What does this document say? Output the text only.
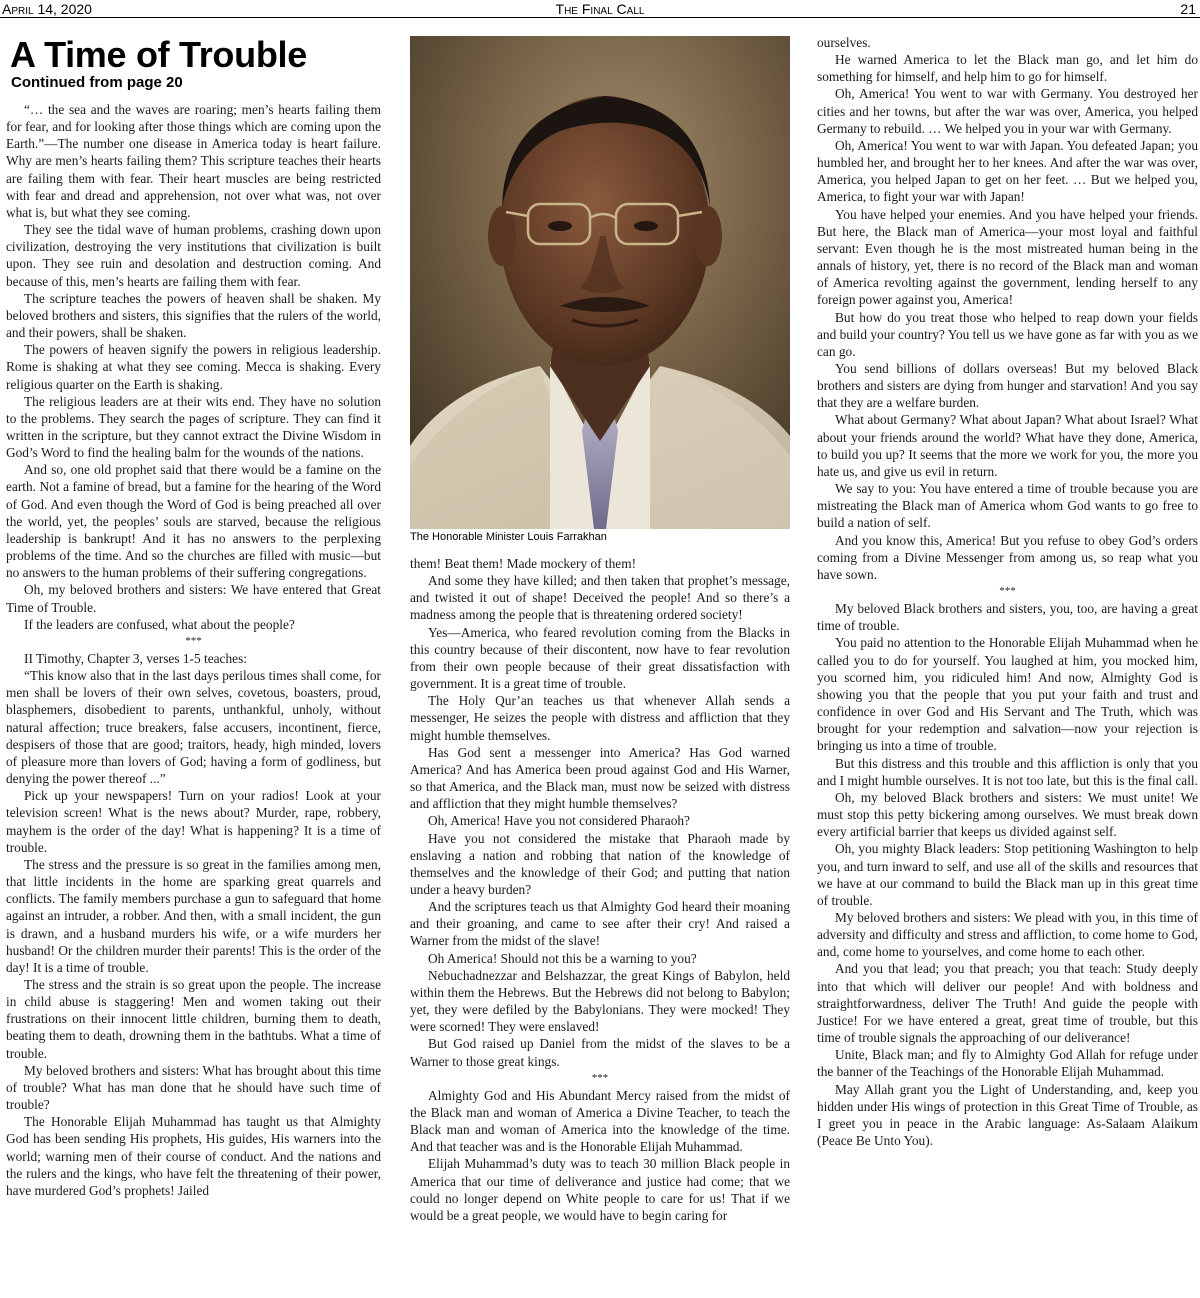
April 14, 2020	The Final Call	21
A Time of Trouble
Continued from page 20
“… the sea and the waves are roaring; men’s hearts failing them for fear, and for looking after those things which are coming upon the Earth.”—The number one disease in America today is heart failure. Why are men’s hearts failing them? This scripture teaches their hearts are failing them with fear. Their heart muscles are being restricted with fear and dread and apprehension, not over what was, not over what is, but what they see coming.
They see the tidal wave of human problems, crashing down upon civilization, destroying the very institutions that civilization is built upon. They see ruin and desolation and destruction coming. And because of this, men’s hearts are failing them with fear.
The scripture teaches the powers of heaven shall be shaken. My beloved brothers and sisters, this signifies that the rulers of the world, and their powers, shall be shaken.
The powers of heaven signify the powers in religious leadership. Rome is shaking at what they see coming. Mecca is shaking. Every religious quarter on the Earth is shaking.
The religious leaders are at their wits end. They have no solution to the problems. They search the pages of scripture. They can find it written in the scripture, but they cannot extract the Divine Wisdom in God’s Word to find the healing balm for the wounds of the nations.
And so, one old prophet said that there would be a famine on the earth. Not a famine of bread, but a famine for the hearing of the Word of God. And even though the Word of God is being preached all over the world, yet, the peoples’ souls are starved, because the religious leadership is bankrupt! And it has no answers to the perplexing problems of the time. And so the churches are filled with music—but no answers to the human problems of their suffering congregations.
Oh, my beloved brothers and sisters: We have entered that Great Time of Trouble.
If the leaders are confused, what about the people?
***
II Timothy, Chapter 3, verses 1-5 teaches:
“This know also that in the last days perilous times shall come, for men shall be lovers of their own selves, covetous, boasters, proud, blasphemers, disobedient to parents, unthankful, unholy, without natural affection; truce breakers, false accusers, incontinent, fierce, despisers of those that are good; traitors, heady, high minded, lovers of pleasure more than lovers of God; having a form of godliness, but denying the power thereof ...”
Pick up your newspapers! Turn on your radios! Look at your television screen! What is the news about? Murder, rape, robbery, mayhem is the order of the day! What is happening? It is a time of trouble.
The stress and the pressure is so great in the families among men, that little incidents in the home are sparking great quarrels and conflicts. The family members purchase a gun to safeguard that home against an intruder, a robber. And then, with a small incident, the gun is drawn, and a husband murders his wife, or a wife murders her husband! Or the children murder their parents! This is the order of the day! It is a time of trouble.
The stress and the strain is so great upon the people. The increase in child abuse is staggering! Men and women taking out their frustrations on their innocent little children, burning them to death, beating them to death, drowning them in the bathtubs. What a time of trouble.
My beloved brothers and sisters: What has brought about this time of trouble? What has man done that he should have such time of trouble?
The Honorable Elijah Muhammad has taught us that Almighty God has been sending His prophets, His guides, His warners into the world; warning men of their course of conduct. And the nations and the rulers and the kings, who have felt the threatening of their power, have murdered God’s prophets! Jailed
The Honorable Minister Louis Farrakhan
them! Beat them! Made mockery of them!
And some they have killed; and then taken that prophet’s message, and twisted it out of shape! Deceived the people! And so there’s a madness among the people that is threatening ordered society!
Yes—America, who feared revolution coming from the Blacks in this country because of their discontent, now have to fear revolution from their own people because of their great dissatisfaction with government. It is a great time of trouble.
The Holy Qur’an teaches us that whenever Allah sends a messenger, He seizes the people with distress and affliction that they might humble themselves.
Has God sent a messenger into America? Has God warned America? And has America been proud against God and His Warner, so that America, and the Black man, must now be seized with distress and affliction that they might humble themselves?
Oh, America! Have you not considered Pharaoh?
Have you not considered the mistake that Pharaoh made by enslaving a nation and robbing that nation of the knowledge of themselves and the knowledge of their God; and putting that nation under a heavy burden?
And the scriptures teach us that Almighty God heard their moaning and their groaning, and came to see after their cry! And raised a Warner from the midst of the slave!
Oh America! Should not this be a warning to you?
Nebuchadnezzar and Belshazzar, the great Kings of Babylon, held within them the Hebrews. But the Hebrews did not belong to Babylon; yet, they were defiled by the Babylonians. They were mocked! They were scorned! They were enslaved!
But God raised up Daniel from the midst of the slaves to be a Warner to those great kings.
***
Almighty God and His Abundant Mercy raised from the midst of the Black man and woman of America a Divine Teacher, to teach the Black man and woman of America into the knowledge of the time. And that teacher was and is the Honorable Elijah Muhammad.
Elijah Muhammad’s duty was to teach 30 million Black people in America that our time of deliverance and justice had come; that we could no longer depend on White people to care for us! That if we would be a great people, we would have to begin caring for
ourselves.
He warned America to let the Black man go, and let him do something for himself, and help him to go for himself.
Oh, America! You went to war with Germany. You destroyed her cities and her towns, but after the war was over, America, you helped Germany to rebuild. … We helped you in your war with Germany.
Oh, America! You went to war with Japan. You defeated Japan; you humbled her, and brought her to her knees. And after the war was over, America, you helped Japan to get on her feet. … But we helped you, America, to fight your war with Japan!
You have helped your enemies. And you have helped your friends. But here, the Black man of America—your most loyal and faithful servant: Even though he is the most mistreated human being in the annals of history, yet, there is no record of the Black man and woman of America revolting against the government, lending herself to any foreign power against you, America!
But how do you treat those who helped to reap down your fields and build your country? You tell us we have gone as far with you as we can go.
You send billions of dollars overseas! But my beloved Black brothers and sisters are dying from hunger and starvation! And you say that they are a welfare burden.
What about Germany? What about Japan? What about Israel? What about your friends around the world? What have they done, America, to build you up? It seems that the more we work for you, the more you hate us, and give us evil in return.
We say to you: You have entered a time of trouble because you are mistreating the Black man of America whom God wants to go free to build a nation of self.
And you know this, America! But you refuse to obey God’s orders coming from a Divine Messenger from among us, so reap what you have sown.
***
My beloved Black brothers and sisters, you, too, are having a great time of trouble.
You paid no attention to the Honorable Elijah Muhammad when he called you to do for yourself. You laughed at him, you mocked him, you scorned him, you ridiculed him! And now, Almighty God is showing you that the people that you put your faith and trust and confidence in over God and His Servant and The Truth, which was brought for your redemption and salvation—now your rejection is bringing us into a time of trouble.
But this distress and this trouble and this affliction is only that you and I might humble ourselves. It is not too late, but this is the final call.
Oh, my beloved Black brothers and sisters: We must unite! We must stop this petty bickering among ourselves. We must break down every artificial barrier that keeps us divided against self.
Oh, you mighty Black leaders: Stop petitioning Washington to help you, and turn inward to self, and use all of the skills and resources that we have at our command to build the Black man up in this great time of trouble.
My beloved brothers and sisters: We plead with you, in this time of adversity and difficulty and stress and affliction, to come home to God, and, come home to yourselves, and come home to each other.
And you that lead; you that preach; you that teach: Study deeply into that which will deliver our people! And with boldness and straightforwardness, deliver The Truth! And guide the people with Justice! For we have entered a great, great time of trouble, but this time of trouble signals the approaching of our deliverance!
Unite, Black man; and fly to Almighty God Allah for refuge under the banner of the Teachings of the Honorable Elijah Muhammad.
May Allah grant you the Light of Understanding, and, keep you hidden under His wings of protection in this Great Time of Trouble, as I greet you in peace in the Arabic language: As-Salaam Alaikum (Peace Be Unto You).
